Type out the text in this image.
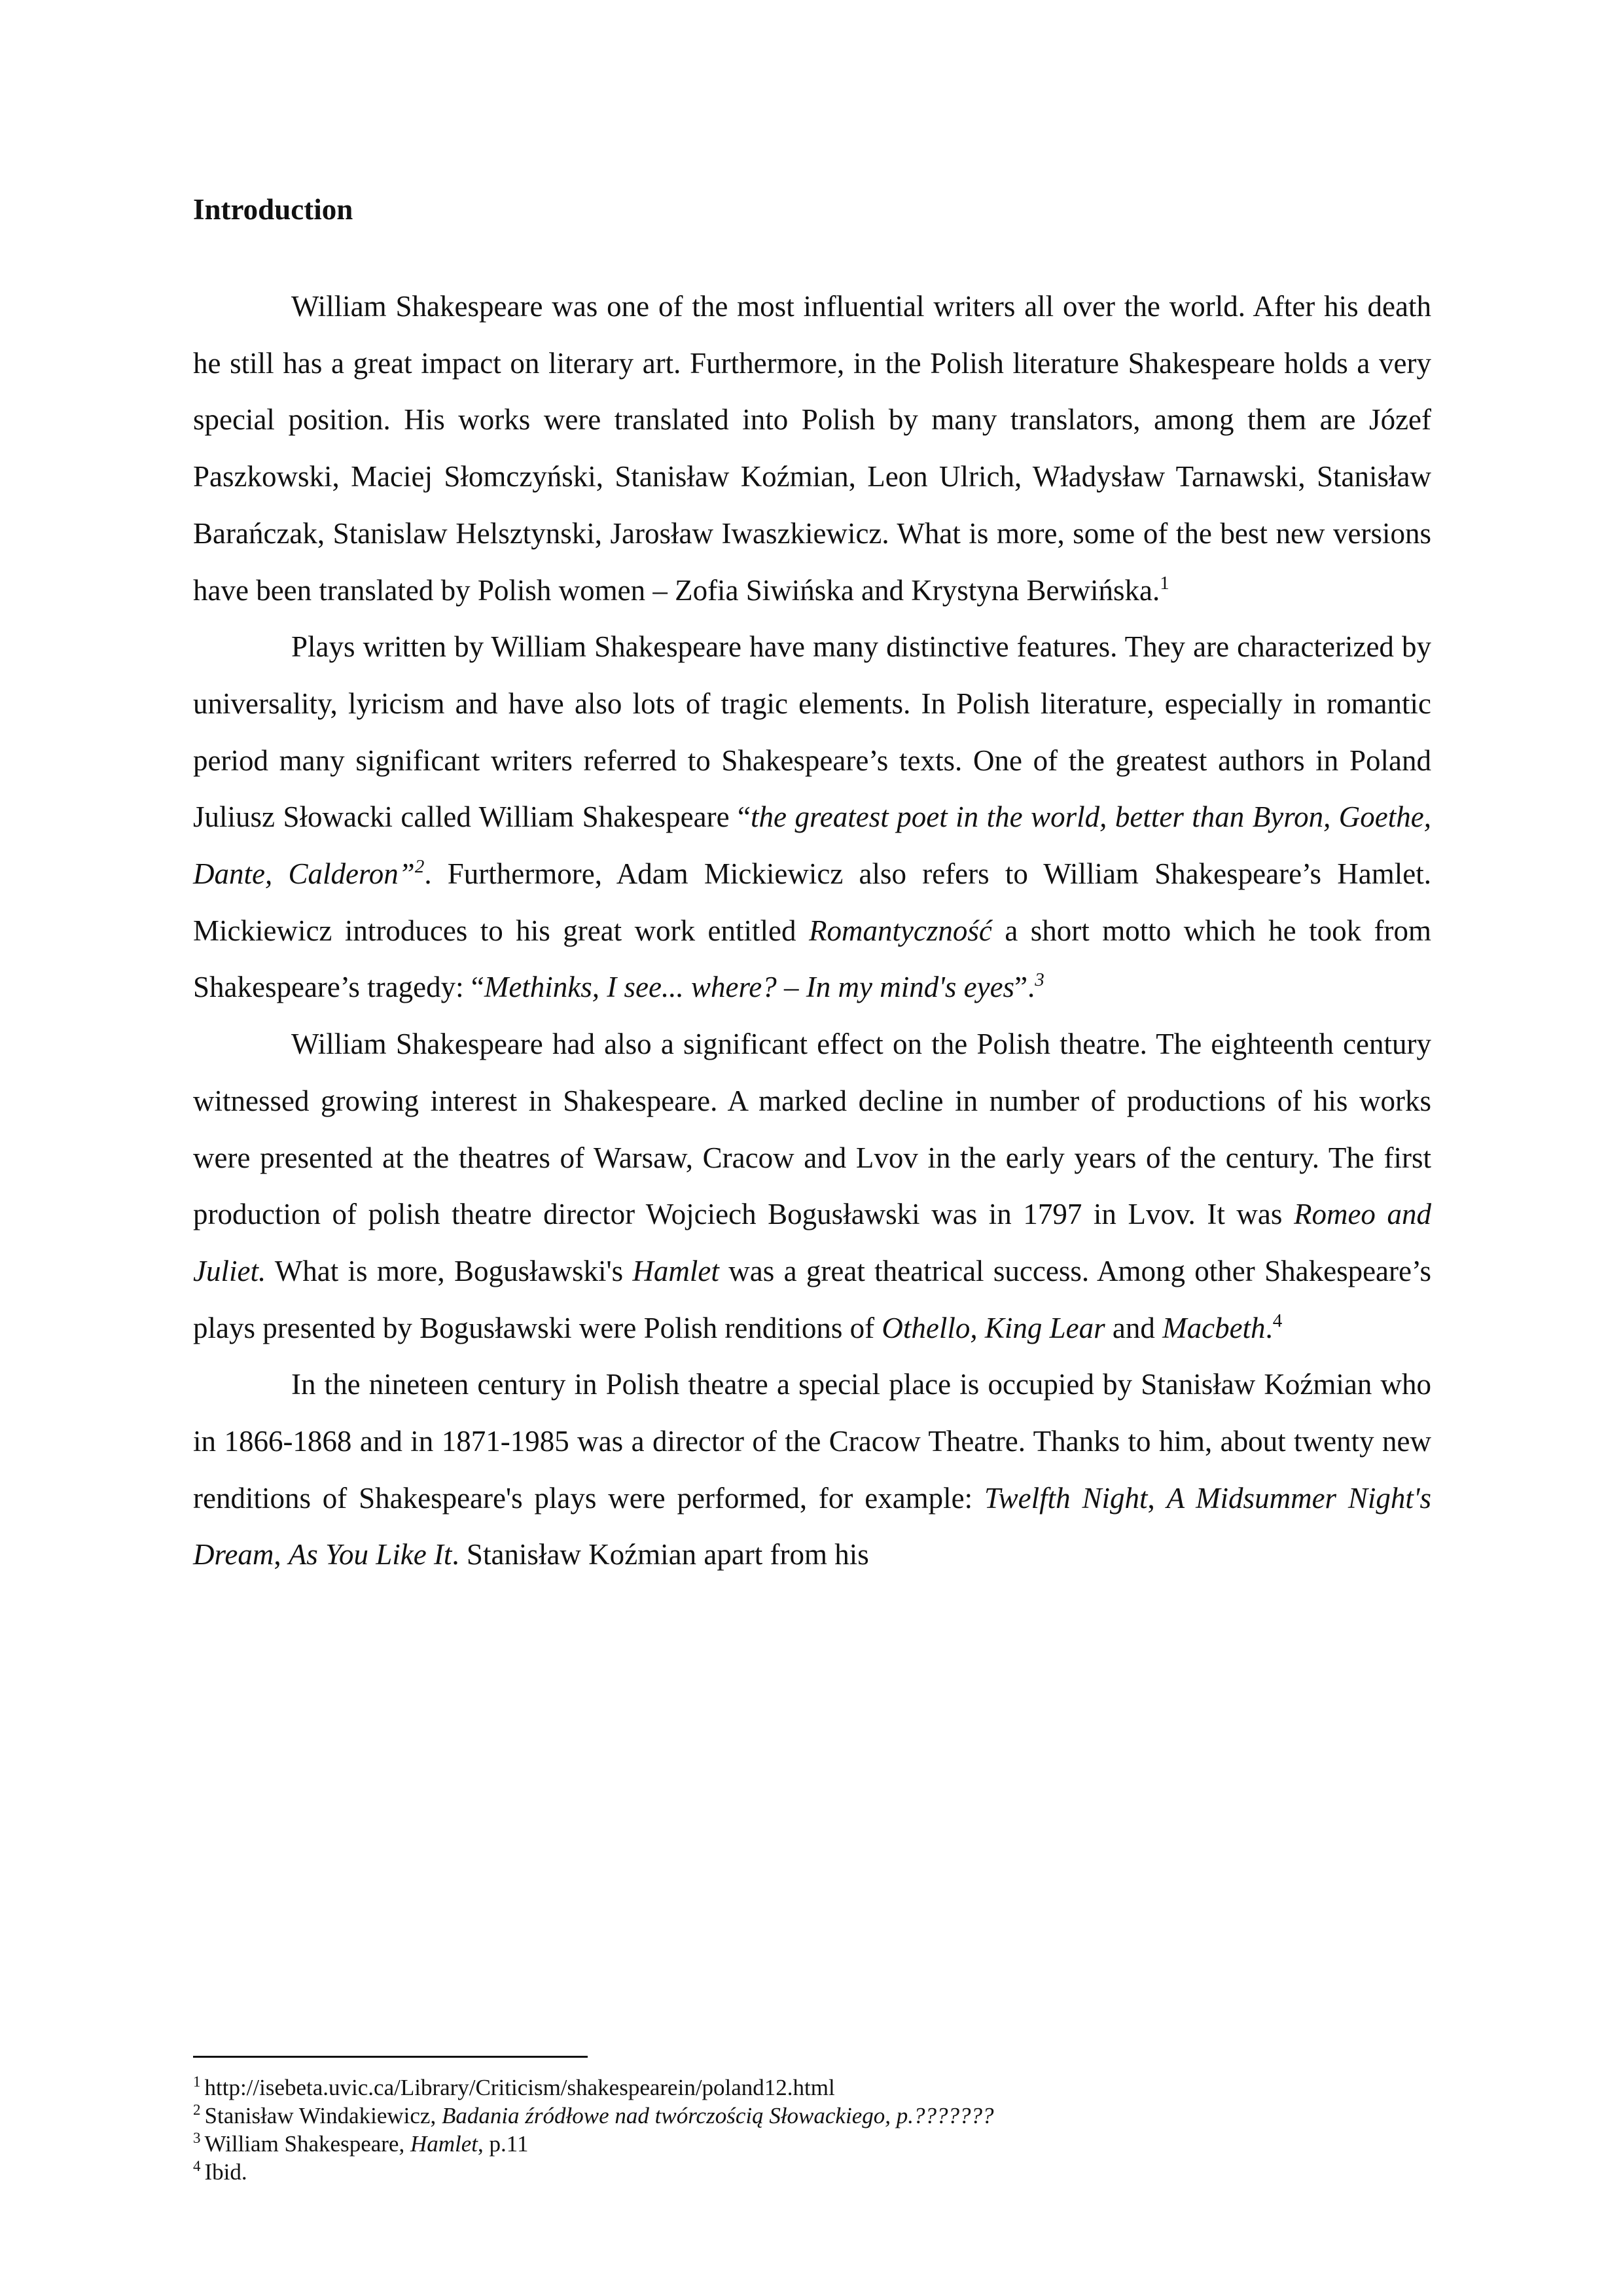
Introduction

William Shakespeare was one of the most influential writers all over the world. After his death he still has a great impact on literary art. Furthermore, in the Polish literature Shakespeare holds a very special position. His works were translated into Polish by many translators, among them are Józef Paszkowski, Maciej Słomczyński, Stanisław Koźmian, Leon Ulrich, Władysław Tarnawski, Stanisław Barańczak, Stanislaw Helsztynski, Jarosław Iwaszkiewicz. What is more, some of the best new versions have been translated by Polish women – Zofia Siwińska and Krystyna Berwińska.$^1$

Plays written by William Shakespeare have many distinctive features. They are characterized by universality, lyricism and have also lots of tragic elements. In Polish literature, especially in romantic period many significant writers referred to Shakespeare’s texts. One of the greatest authors in Poland Juliusz Słowacki called William Shakespeare “the greatest poet in the world, better than Byron, Goethe, Dante, Calderon”$^2$. Furthermore, Adam Mickiewicz also refers to William Shakespeare’s Hamlet. Mickiewicz introduces to his great work entitled Romantyczność a short motto which he took from Shakespeare’s tragedy: “Methinks, I see... where? – In my mind's eyes”.$^3$

William Shakespeare had also a significant effect on the Polish theatre. The eighteenth century witnessed growing interest in Shakespeare. A marked decline in number of productions of his works were presented at the theatres of Warsaw, Cracow and Lvov in the early years of the century. The first production of polish theatre director Wojciech Bogusławski was in 1797 in Lvov. It was Romeo and Juliet. What is more, Bogusławski's Hamlet was a great theatrical success. Among other Shakespeare’s plays presented by Bogusławski were Polish renditions of Othello, King Lear and Macbeth.$^4$

In the nineteen century in Polish theatre a special place is occupied by Stanisław Koźmian who in 1866-1868 and in 1871-1985 was a director of the Cracow Theatre. Thanks to him, about twenty new renditions of Shakespeare's plays were performed, for example: Twelfth Night, A Midsummer Night's Dream, As You Like It. Stanisław Koźmian apart from his

$^1$ http://isebeta.uvic.ca/Library/Criticism/shakespearein/poland12.html

$^2$ Stanisław Windakiewicz, Badania źródłowe nad twórczością Słowackiego, p.???????

$^3$ William Shakespeare, Hamlet, p.11

$^4$ Ibid.
